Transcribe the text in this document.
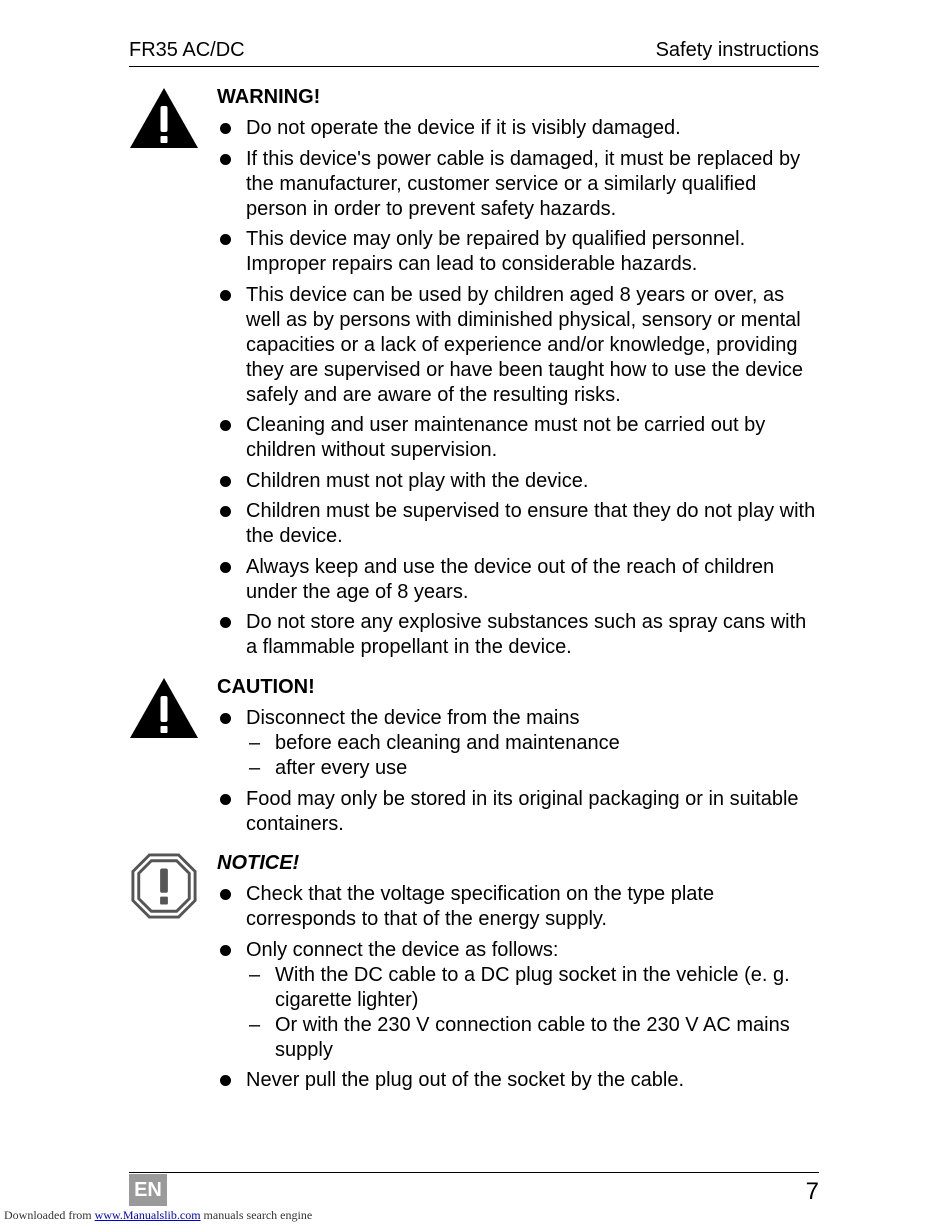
FR35 AC/DC	Safety instructions
WARNING!
Do not operate the device if it is visibly damaged.
If this device's power cable is damaged, it must be replaced by the manufacturer, customer service or a similarly qualified person in order to prevent safety hazards.
This device may only be repaired by qualified personnel. Improper repairs can lead to considerable hazards.
This device can be used by children aged 8 years or over, as well as by persons with diminished physical, sensory or mental capacities or a lack of experience and/or knowledge, providing they are supervised or have been taught how to use the device safely and are aware of the resulting risks.
Cleaning and user maintenance must not be carried out by children without supervision.
Children must not play with the device.
Children must be supervised to ensure that they do not play with the device.
Always keep and use the device out of the reach of children under the age of 8 years.
Do not store any explosive substances such as spray cans with a flammable propellant in the device.
CAUTION!
Disconnect the device from the mains
– before each cleaning and maintenance
– after every use
Food may only be stored in its original packaging or in suitable containers.
NOTICE!
Check that the voltage specification on the type plate corresponds to that of the energy supply.
Only connect the device as follows:
– With the DC cable to a DC plug socket in the vehicle (e. g. cigarette lighter)
– Or with the 230 V connection cable to the 230 V AC mains supply
Never pull the plug out of the socket by the cable.
EN	7
Downloaded from www.Manualslib.com manuals search engine
